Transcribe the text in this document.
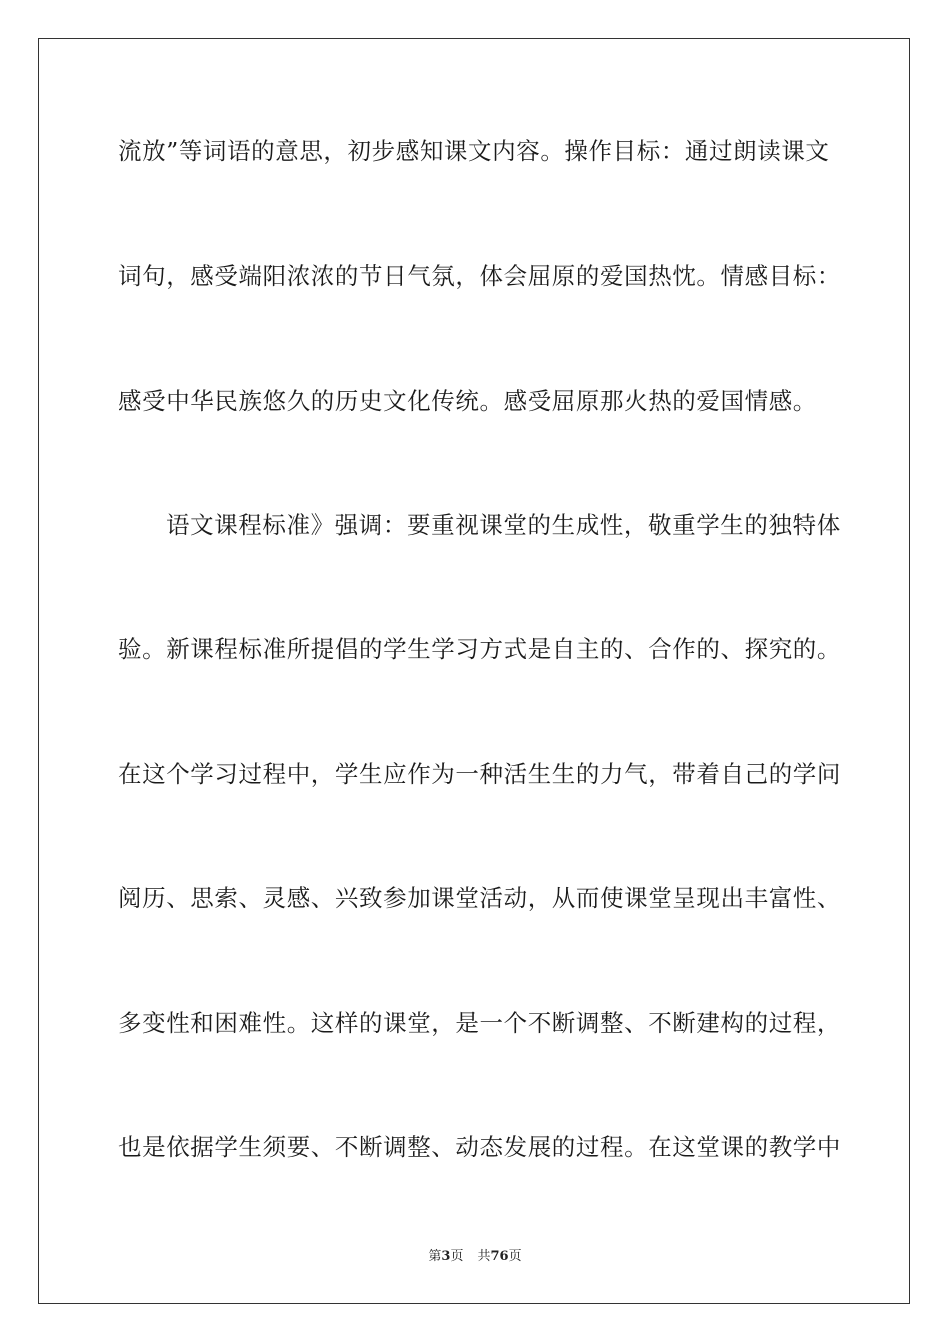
流放”等词语的意思，初步感知课文内容。操作目标：通过朗读课文
词句，感受端阳浓浓的节日气氛，体会屈原的爱国热忱。情感目标：
感受中华民族悠久的历史文化传统。感受屈原那火热的爱国情感。
语文课程标准》强调：要重视课堂的生成性，敬重学生的独特体
验。新课程标准所提倡的学生学习方式是自主的、合作的、探究的。
在这个学习过程中，学生应作为一种活生生的力气，带着自己的学问
阅历、思索、灵感、兴致参加课堂活动，从而使课堂呈现出丰富性、
多变性和困难性。这样的课堂，是一个不断调整、不断建构的过程，
也是依据学生须要、不断调整、动态发展的过程。在这堂课的教学中
第3页 共76页
